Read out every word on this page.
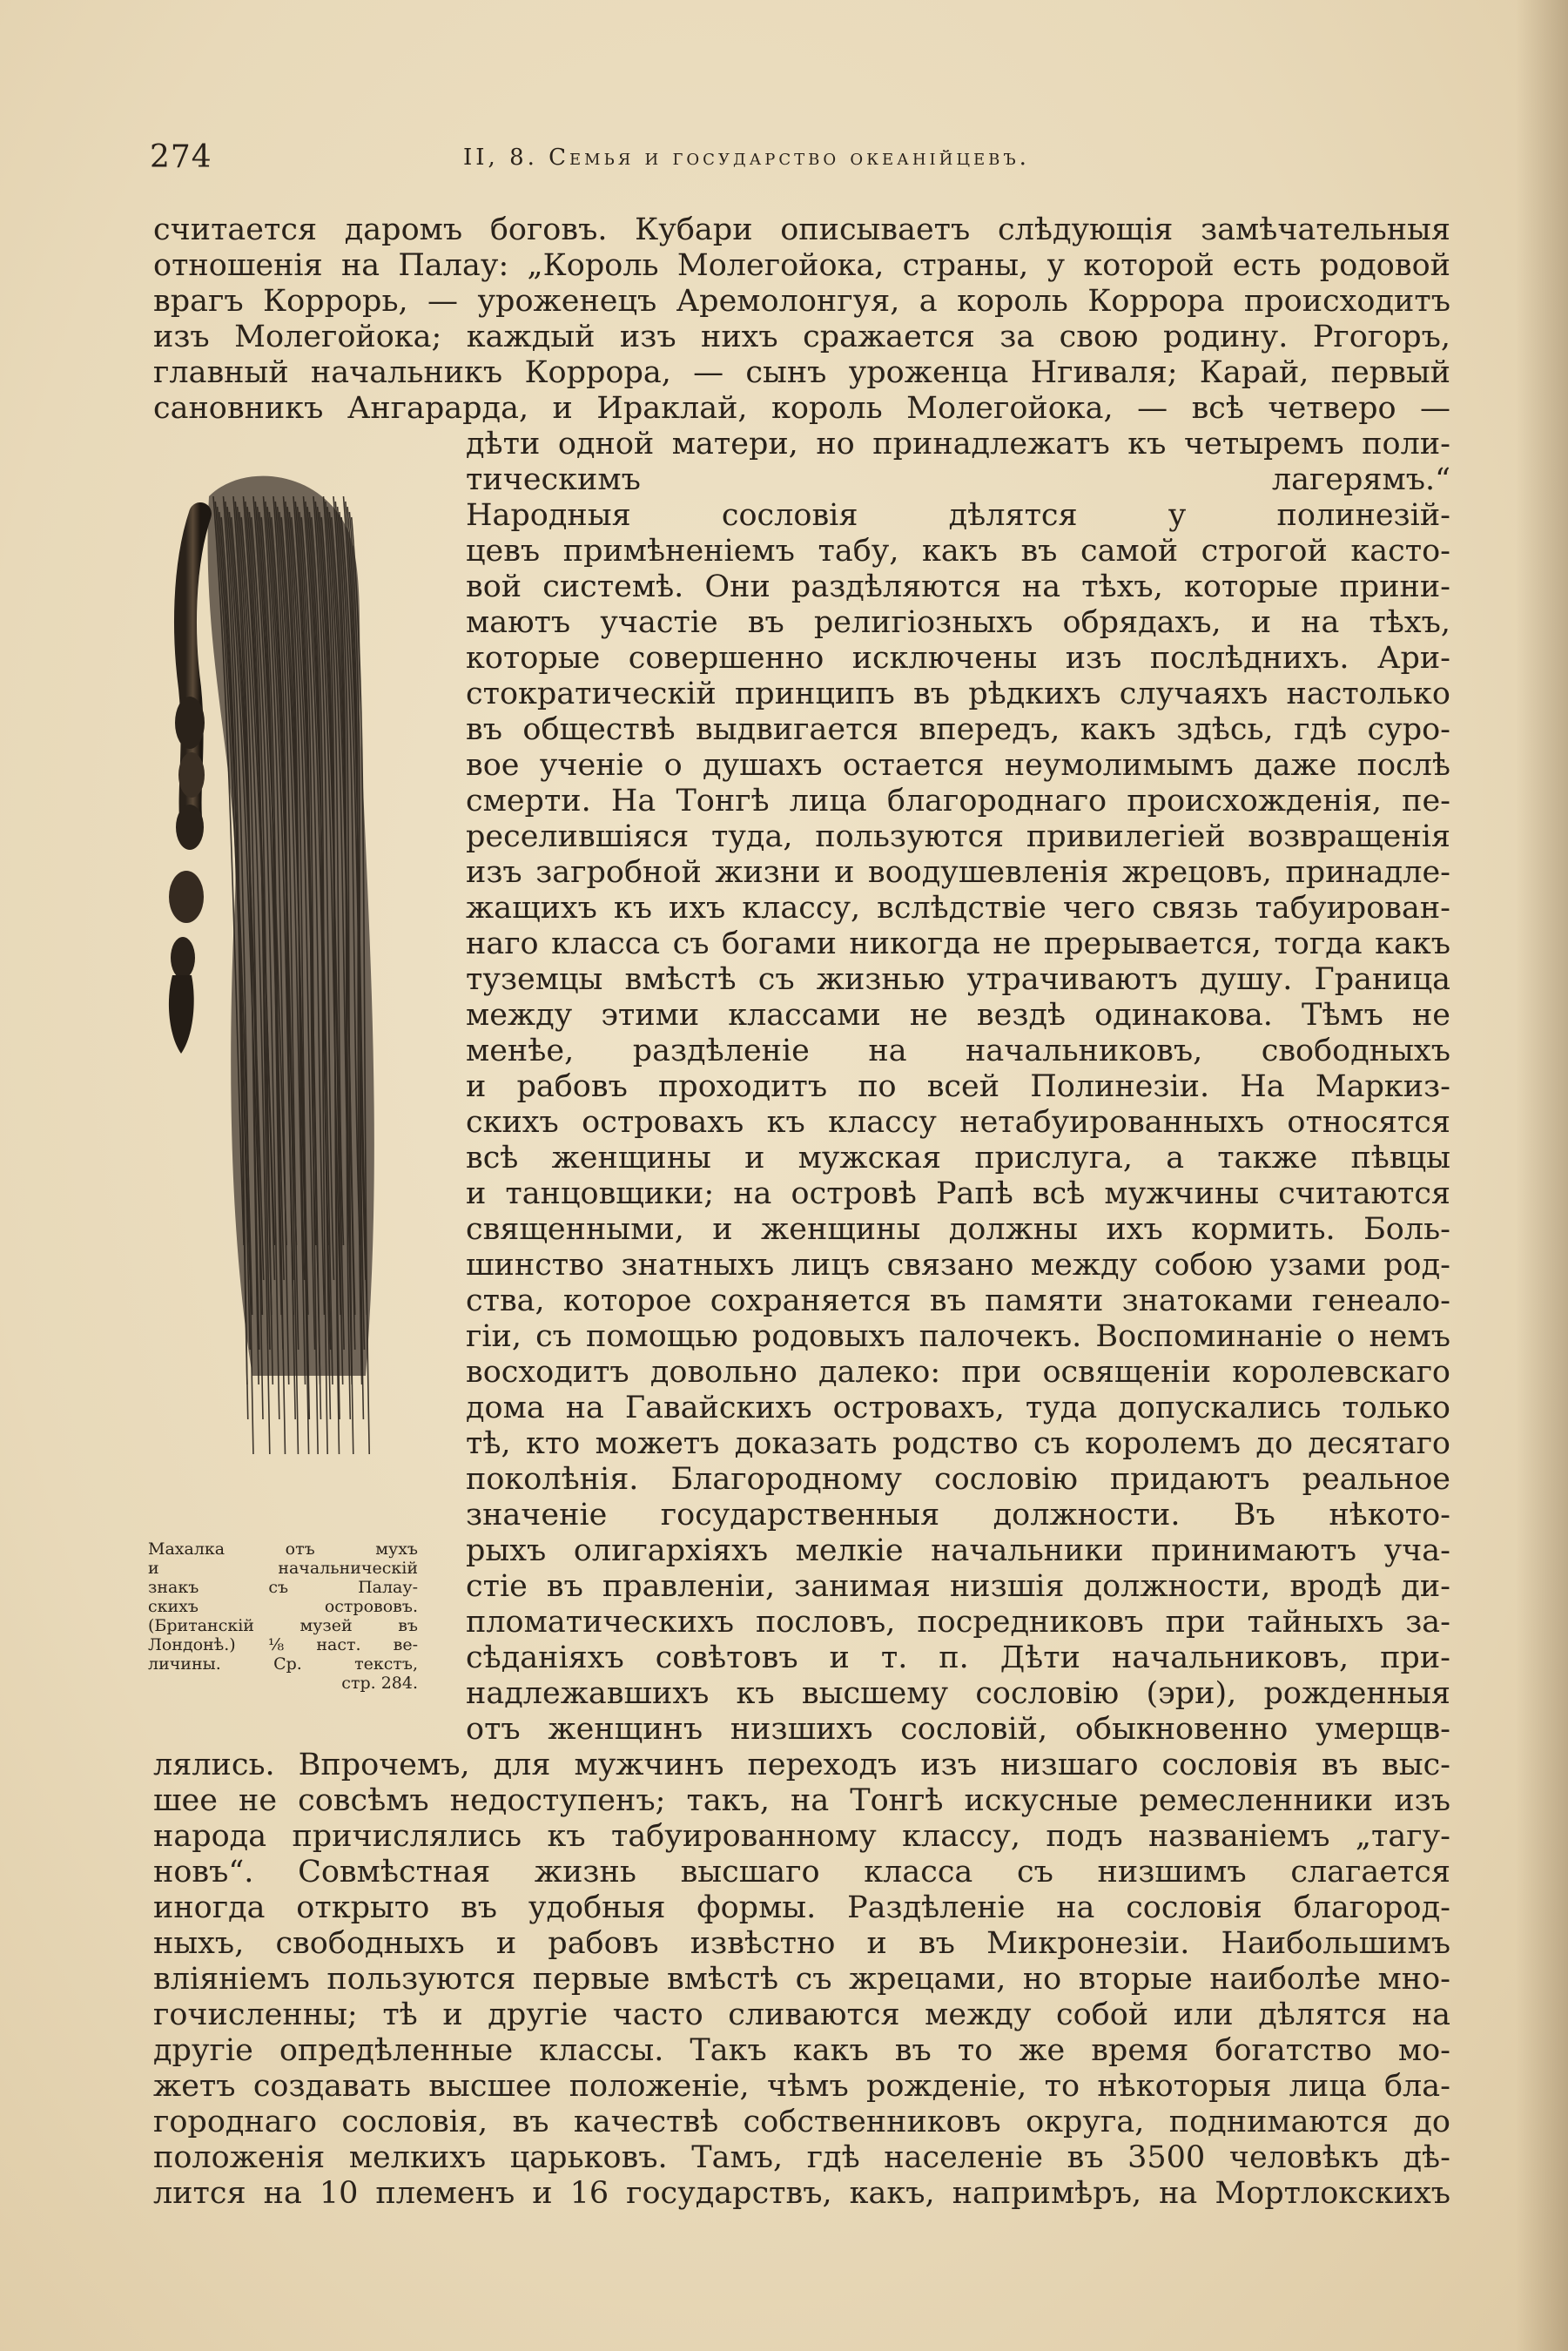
274	II, 8. Семья и государство океанійцевъ.
считается даромъ боговъ. Кубари описываетъ слѣдующія замѣчательныя
отношенія на Палау: „Король Молегойока, страны, у которой есть родовой
врагъ Коррорь, — уроженецъ Аремолонгуя, а король Коррора происходитъ
изъ Молегойока; каждый изъ нихъ сражается за свою родину. Ргогоръ,
главный начальникъ Коррора, — сынъ уроженца Нгиваля; Карай, первый
сановникъ Ангарарда, и Ираклай, король Молегойока, — всѣ четверо —
дѣти одной матери, но принадлежатъ къ четыремъ поли-
тическимъ лагерямъ.“
Народныя сословія дѣлятся у полинезій-
цевъ примѣненіемъ табу, какъ въ самой строгой касто-
вой системѣ. Они раздѣляются на тѣхъ, которые прини-
маютъ участіе въ религіозныхъ обрядахъ, и на тѣхъ,
которые совершенно исключены изъ послѣднихъ. Ари-
стократическій принципъ въ рѣдкихъ случаяхъ настолько
въ обществѣ выдвигается впередъ, какъ здѣсь, гдѣ суро-
вое ученіе о душахъ остается неумолимымъ даже послѣ
смерти. На Тонгѣ лица благороднаго происхожденія, пе-
реселившіяся туда, пользуются привилегіей возвращенія
изъ загробной жизни и воодушевленія жрецовъ, принадле-
жащихъ къ ихъ классу, вслѣдствіе чего связь табуирован-
наго класса съ богами никогда не прерывается, тогда какъ
туземцы вмѣстѣ съ жизнью утрачиваютъ душу. Граница
между этими классами не вездѣ одинакова. Тѣмъ не
менѣе, раздѣленіе на начальниковъ, свободныхъ
и рабовъ проходитъ по всей Полинезіи. На Маркиз-
скихъ островахъ къ классу нетабуированныхъ относятся
всѣ женщины и мужская прислуга, а также пѣвцы
и танцовщики; на островѣ Рапѣ всѣ мужчины считаются
священными, и женщины должны ихъ кормить. Боль-
шинство знатныхъ лицъ связано между собою узами род-
ства, которое сохраняется въ памяти знатоками генеало-
гіи, съ помощью родовыхъ палочекъ. Воспоминаніе о немъ
восходитъ довольно далеко: при освященіи королевскаго
дома на Гавайскихъ островахъ, туда допускались только
тѣ, кто можетъ доказать родство съ королемъ до десятаго
поколѣнія. Благородному сословію придаютъ реальное
значеніе государственныя должности. Въ нѣкото-
рыхъ олигархіяхъ мелкіе начальники принимаютъ уча-
стіе въ правленіи, занимая низшія должности, вродѣ ди-
пломатическихъ пословъ, посредниковъ при тайныхъ за-
сѣданіяхъ совѣтовъ и т. п. Дѣти начальниковъ, при-
надлежавшихъ къ высшему сословію (эри), рожденныя
отъ женщинъ низшихъ сословій, обыкновенно умерщв-
лялись. Впрочемъ, для мужчинъ переходъ изъ низшаго сословія въ выс-
шее не совсѣмъ недоступенъ; такъ, на Тонгѣ искусные ремесленники изъ
народа причислялись къ табуированному классу, подъ названіемъ „тагу-
новъ“. Совмѣстная жизнь высшаго класса съ низшимъ слагается
иногда открыто въ удобныя формы. Раздѣленіе на сословія благород-
ныхъ, свободныхъ и рабовъ извѣстно и въ Микронезіи. Наибольшимъ
вліяніемъ пользуются первые вмѣстѣ съ жрецами, но вторые наиболѣе мно-
гочисленны; тѣ и другіе часто сливаются между собой или дѣлятся на
другіе опредѣленные классы. Такъ какъ въ то же время богатство мо-
жетъ создавать высшее положеніе, чѣмъ рожденіе, то нѣкоторыя лица бла-
городнаго сословія, въ качествѣ собственниковъ округа, поднимаются до
положенія мелкихъ царьковъ. Тамъ, гдѣ населеніе въ 3500 человѣкъ дѣ-
лится на 10 племенъ и 16 государствъ, какъ, напримѣръ, на Мортлокскихъ
Махалка отъ мухъ
и начальническій
знакъ съ Палау-
скихъ острововъ.
(Британскій музей въ
Лондонѣ.) ⅛ наст. ве-
личины. Ср. текстъ,
стр. 284.
